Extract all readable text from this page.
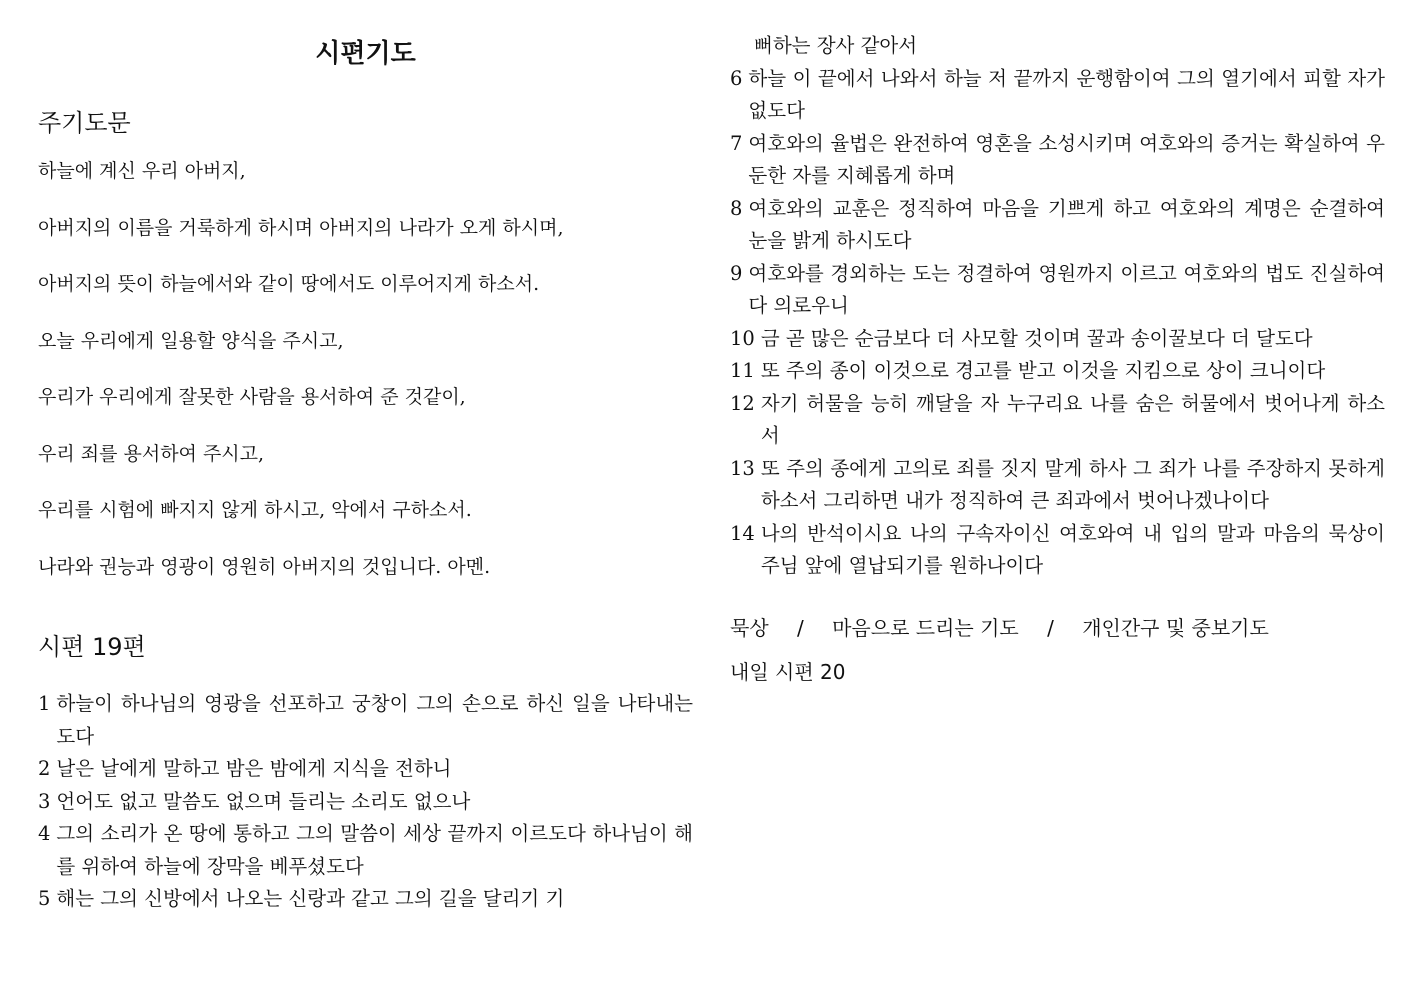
시편기도
주기도문
하늘에 계신 우리 아버지,
아버지의 이름을 거룩하게 하시며 아버지의 나라가 오게 하시며,
아버지의 뜻이 하늘에서와 같이 땅에서도 이루어지게 하소서.
오늘 우리에게 일용할 양식을 주시고,
우리가 우리에게 잘못한 사람을 용서하여 준 것같이,
우리 죄를 용서하여 주시고,
우리를 시험에 빠지지 않게 하시고, 악에서 구하소서.
나라와 권능과 영광이 영원히 아버지의 것입니다. 아멘.
시편 19편
1 하늘이 하나님의 영광을 선포하고 궁창이 그의 손으로 하신 일을 나타내는도다
2 날은 날에게 말하고 밤은 밤에게 지식을 전하니
3 언어도 없고 말씀도 없으며 들리는 소리도 없으나
4 그의 소리가 온 땅에 통하고 그의 말씀이 세상 끝까지 이르도다 하나님이 해를 위하여 하늘에 장막을 베푸셨도다
5 해는 그의 신방에서 나오는 신랑과 같고 그의 길을 달리기 기
뻐하는 장사 같아서
6 하늘 이 끝에서 나와서 하늘 저 끝까지 운행함이여 그의 열기에서 피할 자가 없도다
7 여호와의 율법은 완전하여 영혼을 소성시키며 여호와의 증거는 확실하여 우둔한 자를 지혜롭게 하며
8 여호와의 교훈은 정직하여 마음을 기쁘게 하고 여호와의 계명은 순결하여 눈을 밝게 하시도다
9 여호와를 경외하는 도는 정결하여 영원까지 이르고 여호와의 법도 진실하여 다 의로우니
10 금 곧 많은 순금보다 더 사모할 것이며 꿀과 송이꿀보다 더 달도다
11 또 주의 종이 이것으로 경고를 받고 이것을 지킴으로 상이 크니이다
12 자기 허물을 능히 깨달을 자 누구리요 나를 숨은 허물에서 벗어나게 하소서
13 또 주의 종에게 고의로 죄를 짓지 말게 하사 그 죄가 나를 주장하지 못하게 하소서 그리하면 내가 정직하여 큰 죄과에서 벗어나겠나이다
14 나의 반석이시요 나의 구속자이신 여호와여 내 입의 말과 마음의 묵상이 주님 앞에 열납되기를 원하나이다
묵상 / 마음으로 드리는 기도 / 개인간구 및 중보기도
내일 시편 20
